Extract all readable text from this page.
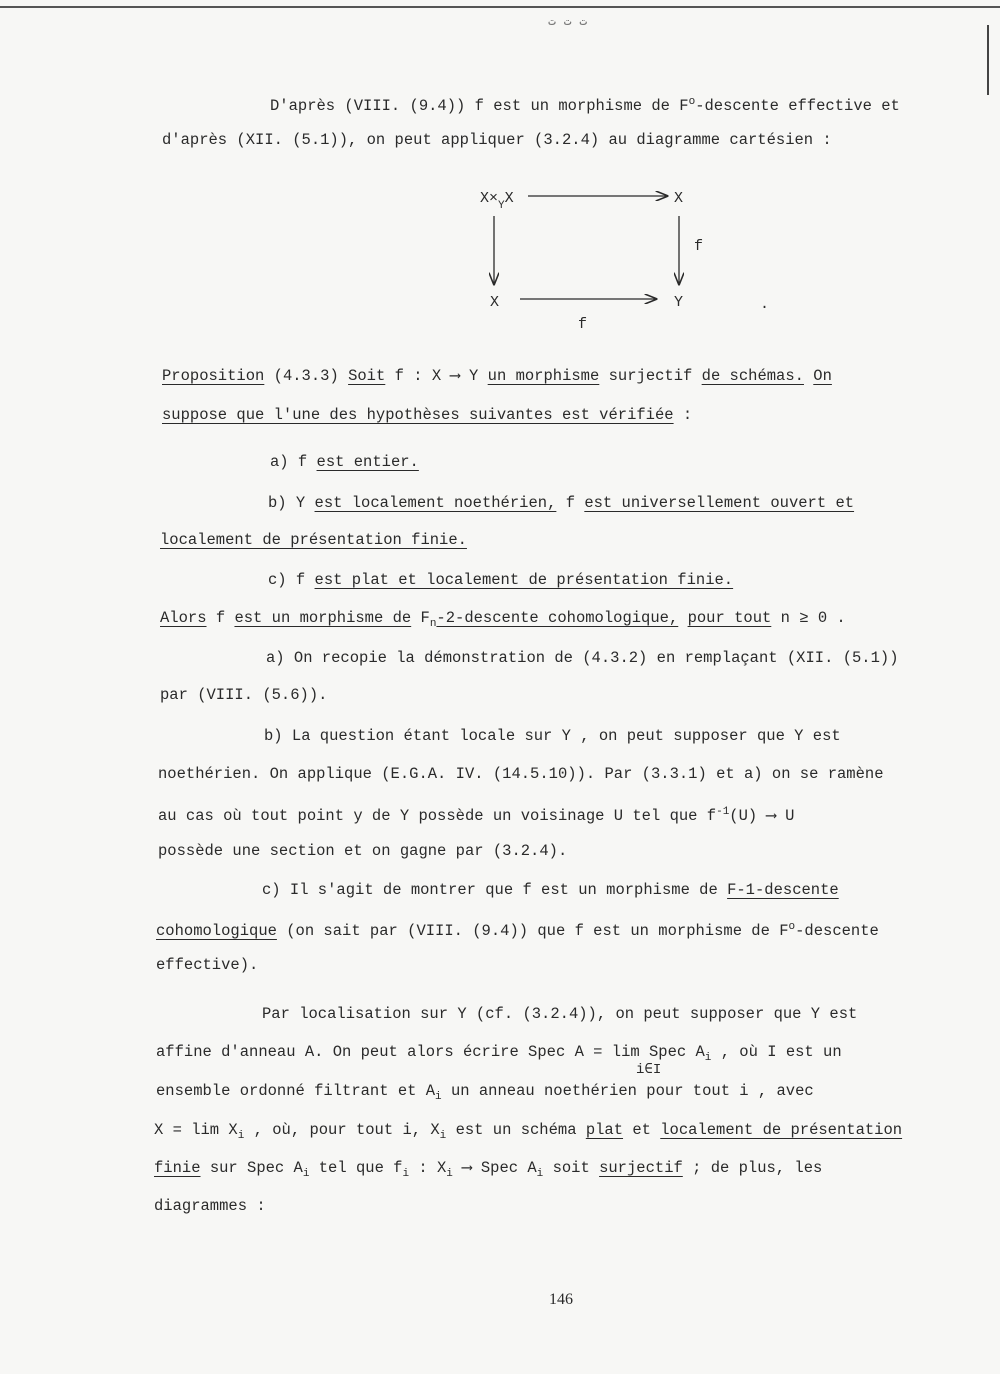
ت ت ت
D'après (VIII. (9.4)) f est un morphisme de $F^o$-descente effective et
d'après (XII. (5.1)), on peut appliquer (3.2.4) au diagramme cartésien :
$X\times_YX$	X
f
X	Y
f
.
Proposition (4.3.3) Soit f : X ⟶ Y un morphisme surjectif de schémas. On
suppose que l'une des hypothèses suivantes est vérifiée :
a) f est entier.
b) Y est localement noethérien, f est universellement ouvert et
localement de présentation finie.
c) f est plat et localement de présentation finie.
Alors f est un morphisme de $F_n-2$-descente cohomologique, pour tout n ≥ 0 .
a) On recopie la démonstration de (4.3.2) en remplaçant (XII. (5.1))
par (VIII. (5.6)).
b) La question étant locale sur Y , on peut supposer que Y est
noethérien. On applique (E.G.A. IV. (14.5.10)). Par (3.3.1) et a) on se ramène
au cas où tout point y de Y possède un voisinage U tel que $f^{-1}(U)$ ⟶ U
possède une section et on gagne par (3.2.4).
c) Il s'agit de montrer que f est un morphisme de F-1-descente
cohomologique (on sait par (VIII. (9.4)) que f est un morphisme de $F^o$-descente
effective).
Par localisation sur Y (cf. (3.2.4)), on peut supposer que Y est
affine d'anneau A. On peut alors écrire Spec A = lim Spec $A_i$ , où I est un
i∈I
ensemble ordonné filtrant et $A_i$ un anneau noethérien pour tout i , avec
$X = \lim X_i$ , où, pour tout i, $X_i$ est un schéma plat et localement de présentation
finie sur Spec $A_i$ tel que $f_i$ : $X_i$ ⟶ Spec $A_i$ soit surjectif ; de plus, les
diagrammes :
146
